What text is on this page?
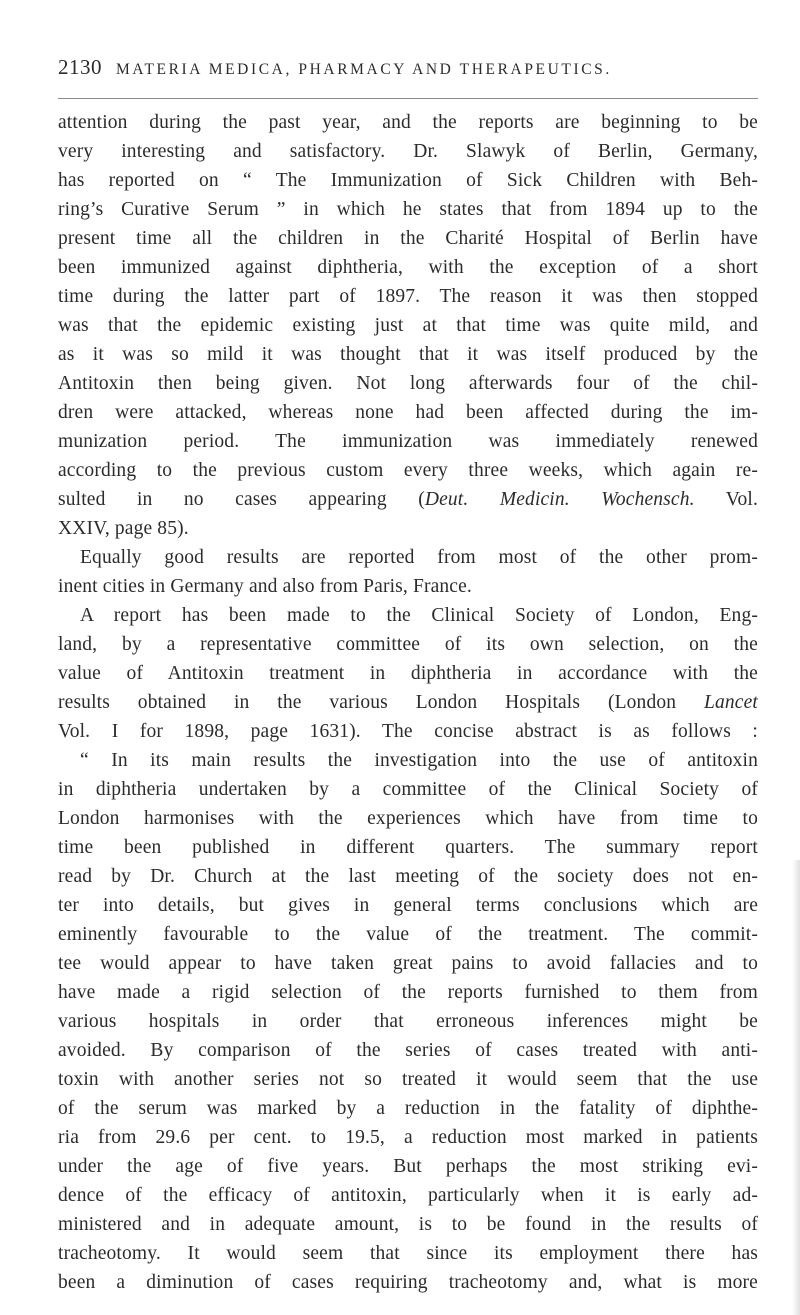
2130 MATERIA MEDICA, PHARMACY AND THERAPEUTICS.

attention during the past year, and the reports are beginning to be

very interesting and satisfactory. Dr. Slawyk of Berlin, Germany,

has reported on “ The Immunization of Sick Children with Beh-

ring’s Curative Serum ” in which he states that from 1894 up to the

present time all the children in the Charité Hospital of Berlin have

been immunized against diphtheria, with the exception of a short

time during the latter part of 1897. The reason it was then stopped

was that the epidemic existing just at that time was quite mild, and

as it was so mild it was thought that it was itself produced by the

Antitoxin then being given. Not long afterwards four of the chil-

dren were attacked, whereas none had been affected during the im-

munization period. The immunization was immediately renewed

according to the previous custom every three weeks, which again re-

sulted in no cases appearing (Deut. Medicin. Wochensch. Vol.

XXIV, page 85).

Equally good results are reported from most of the other prom-

inent cities in Germany and also from Paris, France.

A report has been made to the Clinical Society of London, Eng-

land, by a representative committee of its own selection, on the

value of Antitoxin treatment in diphtheria in accordance with the

results obtained in the various London Hospitals (London Lancet

Vol. I for 1898, page 1631). The concise abstract is as follows :

“ In its main results the investigation into the use of antitoxin

in diphtheria undertaken by a committee of the Clinical Society of

London harmonises with the experiences which have from time to

time been published in different quarters. The summary report

read by Dr. Church at the last meeting of the society does not en-

ter into details, but gives in general terms conclusions which are

eminently favourable to the value of the treatment. The commit-

tee would appear to have taken great pains to avoid fallacies and to

have made a rigid selection of the reports furnished to them from

various hospitals in order that erroneous inferences might be

avoided. By comparison of the series of cases treated with anti-

toxin with another series not so treated it would seem that the use

of the serum was marked by a reduction in the fatality of diphthe-

ria from 29.6 per cent. to 19.5, a reduction most marked in patients

under the age of five years. But perhaps the most striking evi-

dence of the efficacy of antitoxin, particularly when it is early ad-

ministered and in adequate amount, is to be found in the results of

tracheotomy. It would seem that since its employment there has

been a diminution of cases requiring tracheotomy and, what is more
